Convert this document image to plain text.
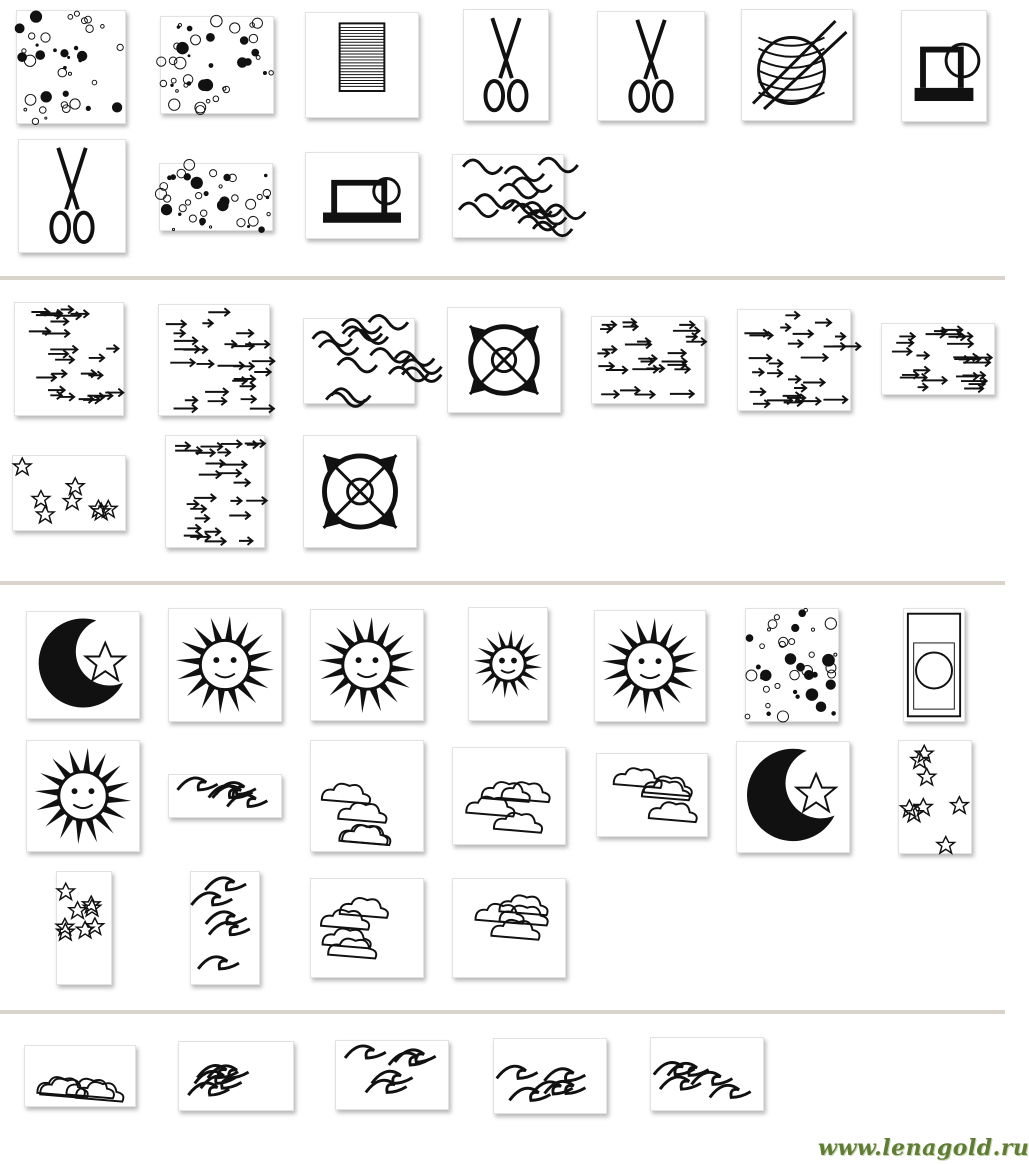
www.lenagold.ru
